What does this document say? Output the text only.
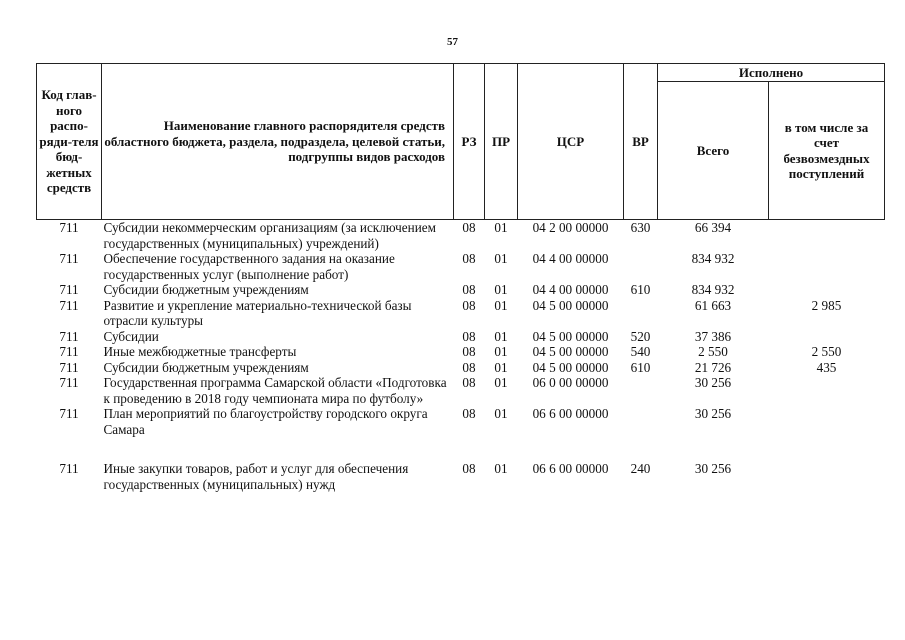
57
Код глав-ного распо-ряди-теля бюд-жетных средств	Наименование главного распорядителя средств областного бюджета, раздела, подраздела, целевой статьи, подгруппы видов расходов	РЗ	ПР	ЦСР	ВР	Исполнено	
						Всего	в том числе за счет безвозмездных поступлений
711	Субсидии некоммерческим организациям (за исключением государственных (муниципальных) учреждений)	08	01	04 2 00 00000	630	66 394	
711	Обеспечение государственного задания на оказание государственных услуг (выполнение работ)	08	01	04 4 00 00000		834 932	
711	Субсидии бюджетным учреждениям	08	01	04 4 00 00000	610	834 932	
711	Развитие и укрепление материально-технической базы отрасли культуры	08	01	04 5 00 00000		61 663	2 985
711	Субсидии	08	01	04 5 00 00000	520	37 386	
711	Иные межбюджетные трансферты	08	01	04 5 00 00000	540	2 550	2 550
711	Субсидии бюджетным учреждениям	08	01	04 5 00 00000	610	21 726	435
711	Государственная программа Самарской области «Подготовка к проведению в 2018 году чемпионата мира по футболу»	08	01	06 0 00 00000		30 256	
711	План мероприятий по благоустройству городского округа Самара	08	01	06 6 00 00000		30 256	

711	Иные закупки товаров, работ и услуг для обеспечения государственных (муниципальных) нужд	08	01	06 6 00 00000	240	30 256	
